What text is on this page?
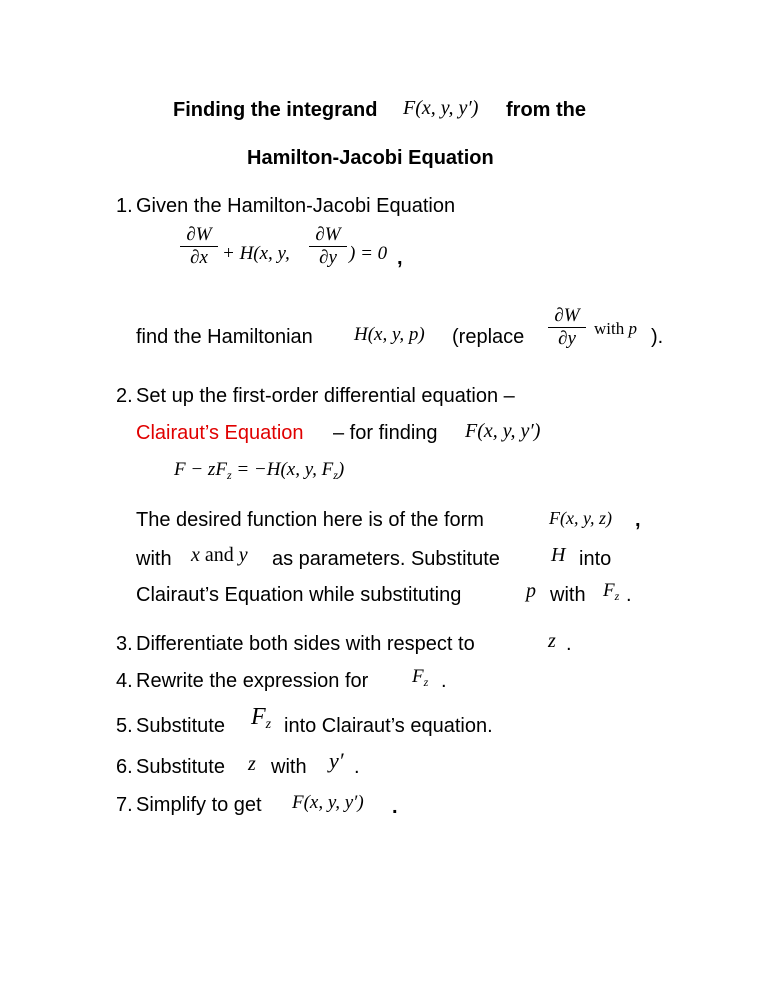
Finding the integrand F(x, y, y′) from the
Hamilton-Jacobi Equation
1. Given the Hamilton-Jacobi Equation
∂W
∂x + H(x, y,
∂W
∂y ) = 0 ,
find the Hamiltonian H(x, y, p) (replace
∂W
∂y	with p ).
2. Set up the first-order differential equation –
Clairaut’s Equation – for finding F(x, y, y′)
$F - zF_z = -H(x$, y, $F_z$)
The desired function here is of the form	F(x, y, z) ,
with x and y as parameters. Substitute	H into
Clairaut’s Equation while substituting	p with $F_z$ .
3. Differentiate both sides with respect to	z .
4. Rewrite the expression for $F_z$ .
5. Substitute $F_z$ into Clairaut’s equation.
6. Substitute z with y′ .
7. Simplify to get F(x, y, y′) .
